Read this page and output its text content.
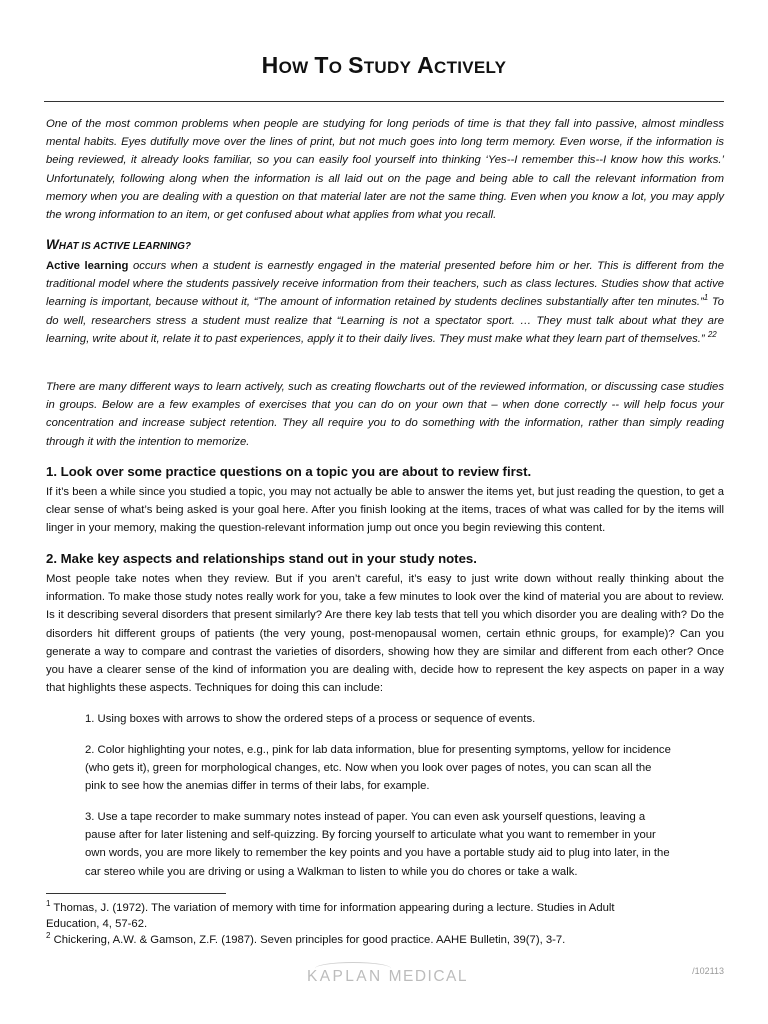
HOW TO STUDY ACTIVELY

One of the most common problems when people are studying for long periods of time is that they fall into passive, almost mindless mental habits. Eyes dutifully move over the lines of print, but not much goes into long term memory. Even worse, if the information is being reviewed, it already looks familiar, so you can easily fool yourself into thinking ‘Yes--I remember this--I know how this works.’ Unfortunately, following along when the information is all laid out on the page and being able to call the relevant information from memory when you are dealing with a question on that material later are not the same thing. Even when you know a lot, you may apply the wrong information to an item, or get confused about what applies from what you recall.

WHAT IS ACTIVE LEARNING?

Active learning occurs when a student is earnestly engaged in the material presented before him or her. This is different from the traditional model where the students passively receive information from their teachers, such as class lectures. Studies show that active learning is important, because without it, “The amount of information retained by students declines substantially after ten minutes.”$^1$ To do well, researchers stress a student must realize that “Learning is not a spectator sport. … They must talk about what they are learning, write about it, relate it to past experiences, apply it to their daily lives. They must make what they learn part of themselves.” $^{22}$

There are many different ways to learn actively, such as creating flowcharts out of the reviewed information, or discussing case studies in groups. Below are a few examples of exercises that you can do on your own that – when done correctly -- will help focus your concentration and increase subject retention. They all require you to do something with the information, rather than simply reading through it with the intention to memorize.

1. Look over some practice questions on a topic you are about to review first.

If it’s been a while since you studied a topic, you may not actually be able to answer the items yet, but just reading the question, to get a clear sense of what’s being asked is your goal here. After you finish looking at the items, traces of what was called for by the items will linger in your memory, making the question-relevant information jump out once you begin reviewing this content.

2. Make key aspects and relationships stand out in your study notes.

Most people take notes when they review. But if you aren’t careful, it’s easy to just write down without really thinking about the information. To make those study notes really work for you, take a few minutes to look over the kind of material you are about to review. Is it describing several disorders that present similarly? Are there key lab tests that tell you which disorder you are dealing with? Do the disorders hit different groups of patients (the very young, post-menopausal women, certain ethnic groups, for example)? Can you generate a way to compare and contrast the varieties of disorders, showing how they are similar and different from each other? Once you have a clearer sense of the kind of information you are dealing with, decide how to represent the key aspects on paper in a way that highlights these aspects. Techniques for doing this can include:

1. Using boxes with arrows to show the ordered steps of a process or sequence of events.
2. Color highlighting your notes, e.g., pink for lab data information, blue for presenting symptoms, yellow for incidence (who gets it), green for morphological changes, etc. Now when you look over pages of notes, you can scan all the pink to see how the anemias differ in terms of their labs, for example.
3. Use a tape recorder to make summary notes instead of paper. You can even ask yourself questions, leaving a pause after for later listening and self-quizzing. By forcing yourself to articulate what you want to remember in your own words, you are more likely to remember the key points and you have a portable study aid to plug into later, in the car stereo while you are driving or using a Walkman to listen to while you do chores or take a walk.
$^1$ Thomas, J. (1972). The variation of memory with time for information appearing during a lecture. Studies in Adult Education, 4, 57-62.
$^2$ Chickering, A.W. & Gamson, Z.F. (1987). Seven principles for good practice. AAHE Bulletin, 39(7), 3-7.
KAPLAN MEDICAL	/102113
